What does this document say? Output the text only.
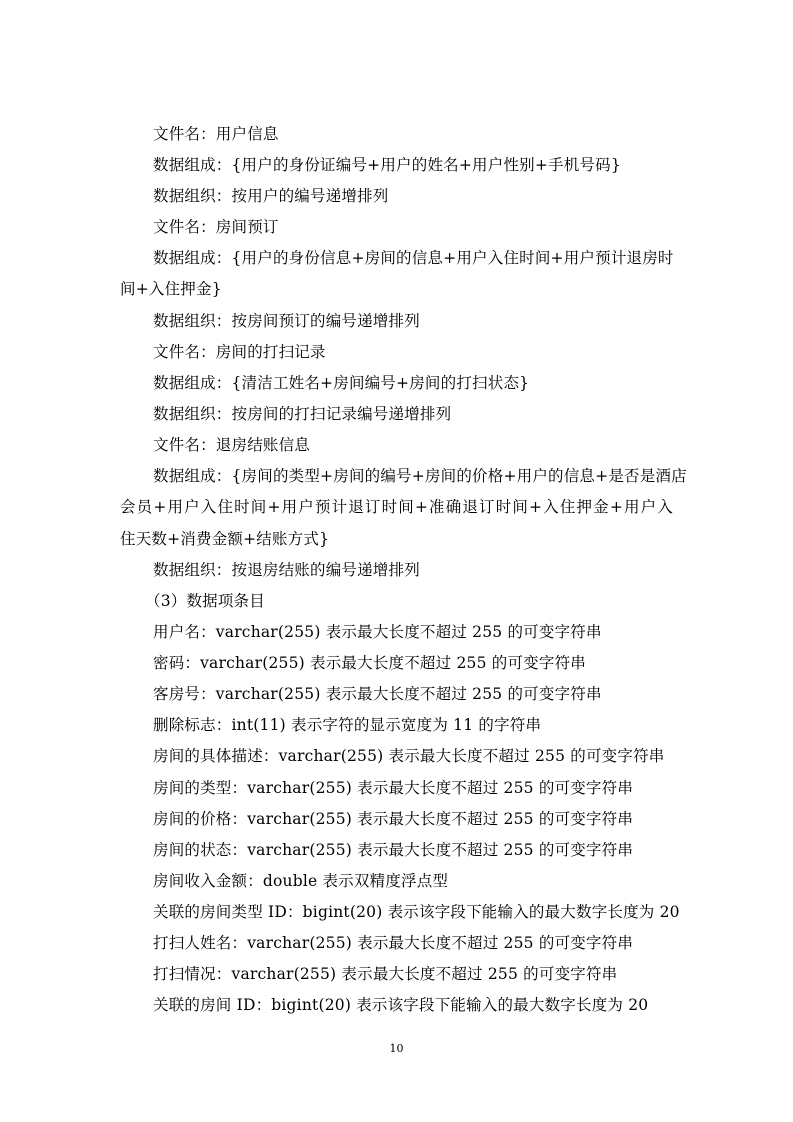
文件名：用户信息
数据组成：{用户的身份证编号+用户的姓名+用户性别+手机号码}
数据组织：按用户的编号递增排列
文件名：房间预订
数据组成：{用户的身份信息+房间的信息+用户入住时间+用户预计退房时
间+入住押金}
数据组织：按房间预订的编号递增排列
文件名：房间的打扫记录
数据组成：{清洁工姓名+房间编号+房间的打扫状态}
数据组织：按房间的打扫记录编号递增排列
文件名：退房结账信息
数据组成：{房间的类型+房间的编号+房间的价格+用户的信息+是否是酒店
会员+用户入住时间+用户预计退订时间+准确退订时间+入住押金+用户入
住天数+消费金额+结账方式}
数据组织：按退房结账的编号递增排列
（3）数据项条目
用户名：varchar(255) 表示最大长度不超过 255 的可变字符串
密码：varchar(255) 表示最大长度不超过 255 的可变字符串
客房号：varchar(255) 表示最大长度不超过 255 的可变字符串
删除标志：int(11) 表示字符的显示宽度为 11 的字符串
房间的具体描述：varchar(255) 表示最大长度不超过 255 的可变字符串
房间的类型：varchar(255) 表示最大长度不超过 255 的可变字符串
房间的价格：varchar(255) 表示最大长度不超过 255 的可变字符串
房间的状态：varchar(255) 表示最大长度不超过 255 的可变字符串
房间收入金额：double 表示双精度浮点型
关联的房间类型 ID：bigint(20) 表示该字段下能输入的最大数字长度为 20
打扫人姓名：varchar(255) 表示最大长度不超过 255 的可变字符串
打扫情况：varchar(255) 表示最大长度不超过 255 的可变字符串
关联的房间 ID：bigint(20) 表示该字段下能输入的最大数字长度为 20
10
